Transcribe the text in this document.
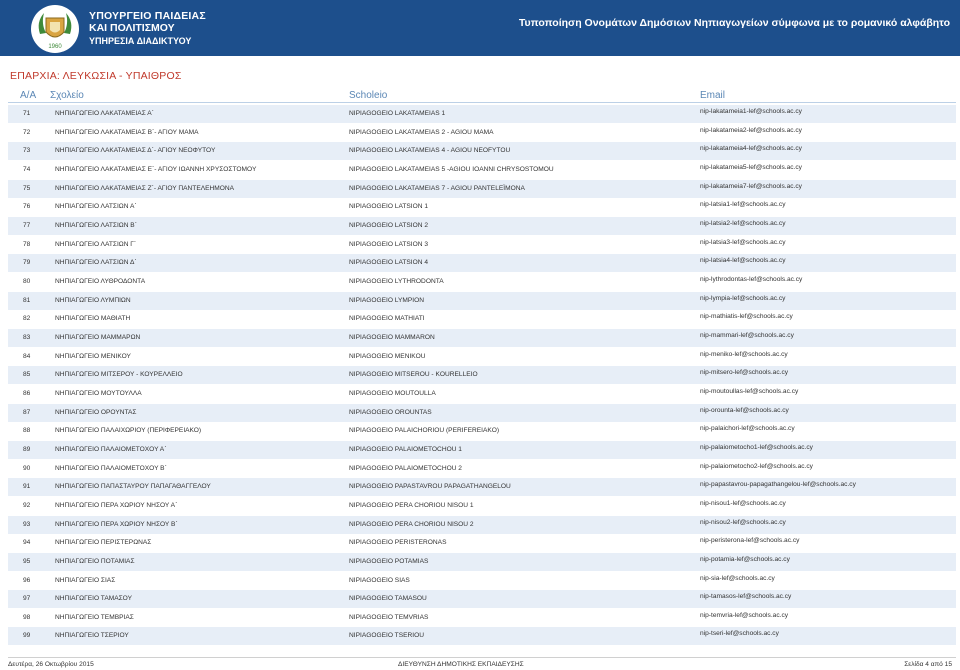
1960
ΥΠΟΥΡΓΕΙΟ ΠΑΙΔΕΙΑΣ
ΚΑΙ ΠΟΛΙΤΙΣΜΟΥ
ΥΠΗΡΕΣΙΑ ΔΙΑΔΙΚΤΥΟΥ
Τυποποίηση Ονομάτων Δημόσιων Νηπιαγωγείων σύμφωνα με το ρομανικό αλφάβητο
ΕΠΑΡΧΙΑ: ΛΕΥΚΩΣΙΑ - ΥΠΑΙΘΡΟΣ
Α/Α Σχολείο	Scholeio	Email
71	ΝΗΠΙΑΓΩΓΕΙΟ ΛΑΚΑΤΑΜΕΙΑΣ Α΄	NIPIAGOGEIO LAKATAMEIAS 1	nip-lakatameia1-lef@schools.ac.cy
72	ΝΗΠΙΑΓΩΓΕΙΟ ΛΑΚΑΤΑΜΕΙΑΣ Β΄- ΑΓΙΟΥ ΜΑΜΑ	NIPIAGOGEIO LAKATAMEIAS 2 - AGIOU MAMA	nip-lakatameia2-lef@schools.ac.cy
73	ΝΗΠΙΑΓΩΓΕΙΟ ΛΑΚΑΤΑΜΕΙΑΣ Δ΄- ΑΓΙΟΥ ΝΕΟΦΥΤΟΥ	NIPIAGOGEIO LAKATAMEIAS 4 - AGIOU NEOFYTOU	nip-lakatameia4-lef@schools.ac.cy
74	ΝΗΠΙΑΓΩΓΕΙΟ ΛΑΚΑΤΑΜΕΙΑΣ Ε΄- ΑΓΙΟΥ ΙΩΑΝΝΗ ΧΡΥΣΟΣΤΟΜΟΥ	NIPIAGOGEIO LAKATAMEIAS 5 -AGIOU IOANNI CHRYSOSTOMOU	nip-lakatameia5-lef@schools.ac.cy
75	ΝΗΠΙΑΓΩΓΕΙΟ ΛΑΚΑΤΑΜΕΙΑΣ Ζ΄- ΑΓΙΟΥ ΠΑΝΤΕΛΕΗΜΟΝΑ	NIPIAGOGEIO LAKATAMEIAS 7 - AGIOU PANTELEÏMONA	nip-lakatameia7-lef@schools.ac.cy
76	ΝΗΠΙΑΓΩΓΕΙΟ ΛΑΤΣΙΩΝ Α΄	NIPIAGOGEIO LATSION 1	nip-latsia1-lef@schools.ac.cy
77	ΝΗΠΙΑΓΩΓΕΙΟ ΛΑΤΣΙΩΝ Β΄	NIPIAGOGEIO LATSION 2	nip-latsia2-lef@schools.ac.cy
78	ΝΗΠΙΑΓΩΓΕΙΟ ΛΑΤΣΙΩΝ Γ΄	NIPIAGOGEIO LATSION 3	nip-latsia3-lef@schools.ac.cy
79	ΝΗΠΙΑΓΩΓΕΙΟ ΛΑΤΣΙΩΝ Δ΄	NIPIAGOGEIO LATSION 4	nip-latsia4-lef@schools.ac.cy
80	ΝΗΠΙΑΓΩΓΕΙΟ ΛΥΘΡΟΔΟΝΤΑ	NIPIAGOGEIO LYTHRODONTA	nip-lythrodontas-lef@schools.ac.cy
81	ΝΗΠΙΑΓΩΓΕΙΟ ΛΥΜΠΙΩΝ	NIPIAGOGEIO LYMPION	nip-lympia-lef@schools.ac.cy
82	ΝΗΠΙΑΓΩΓΕΙΟ ΜΑΘΙΑΤΗ	NIPIAGOGEIO MATHIATI	nip-mathiatis-lef@schools.ac.cy
83	ΝΗΠΙΑΓΩΓΕΙΟ ΜΑΜΜΑΡΩΝ	NIPIAGOGEIO MAMMARON	nip-mammari-lef@schools.ac.cy
84	ΝΗΠΙΑΓΩΓΕΙΟ ΜΕΝΙΚΟΥ	NIPIAGOGEIO MENIKOU	nip-meniko-lef@schools.ac.cy
85	ΝΗΠΙΑΓΩΓΕΙΟ ΜΙΤΣΕΡΟΥ - ΚΟΥΡΕΛΛΕΙΟ	NIPIAGOGEIO MITSEROU - KOURELLEIO	nip-mitsero-lef@schools.ac.cy
86	ΝΗΠΙΑΓΩΓΕΙΟ ΜΟΥΤΟΥΛΛΑ	NIPIAGOGEIO MOUTOULLA	nip-moutoullas-lef@schools.ac.cy
87	ΝΗΠΙΑΓΩΓΕΙΟ ΟΡΟΥΝΤΑΣ	NIPIAGOGEIO OROUNTAS	nip-orounta-lef@schools.ac.cy
88	ΝΗΠΙΑΓΩΓΕΙΟ ΠΑΛΑΙΧΩΡΙΟΥ (ΠΕΡΙΦΕΡΕΙΑΚΟ)	NIPIAGOGEIO PALAICHORIOU (PERIFEREIAKO)	nip-palaichori-lef@schools.ac.cy
89	ΝΗΠΙΑΓΩΓΕΙΟ ΠΑΛΑΙΟΜΕΤΟΧΟΥ Α΄	NIPIAGOGEIO PALAIOMETOCHOU 1	nip-palaiometocho1-lef@schools.ac.cy
90	ΝΗΠΙΑΓΩΓΕΙΟ ΠΑΛΑΙΟΜΕΤΟΧΟΥ Β΄	NIPIAGOGEIO PALAIOMETOCHOU 2	nip-palaiometocho2-lef@schools.ac.cy
91	ΝΗΠΙΑΓΩΓΕΙΟ ΠΑΠΑΣΤΑΥΡΟΥ ΠΑΠΑΓΑΘΑΓΓΕΛΟΥ	NIPIAGOGEIO PAPASTAVROU PAPAGATHANGELOU	nip-papastavrou-papagathangelou-lef@schools.ac.cy
92	ΝΗΠΙΑΓΩΓΕΙΟ ΠΕΡΑ ΧΩΡΙΟΥ ΝΗΣΟΥ Α΄	NIPIAGOGEIO PERA CHORIOU NISOU 1	nip-nisou1-lef@schools.ac.cy
93	ΝΗΠΙΑΓΩΓΕΙΟ ΠΕΡΑ ΧΩΡΙΟΥ ΝΗΣΟΥ Β΄	NIPIAGOGEIO PERA CHORIOU NISOU 2	nip-nisou2-lef@schools.ac.cy
94	ΝΗΠΙΑΓΩΓΕΙΟ ΠΕΡΙΣΤΕΡΩΝΑΣ	NIPIAGOGEIO PERISTERONAS	nip-peristerona-lef@schools.ac.cy
95	ΝΗΠΙΑΓΩΓΕΙΟ ΠΟΤΑΜΙΑΣ	NIPIAGOGEIO POTAMIAS	nip-potamia-lef@schools.ac.cy
96	ΝΗΠΙΑΓΩΓΕΙΟ ΣΙΑΣ	NIPIAGOGEIO SIAS	nip-sia-lef@schools.ac.cy
97	ΝΗΠΙΑΓΩΓΕΙΟ ΤΑΜΑΣΟΥ	NIPIAGOGEIO TAMASOU	nip-tamasos-lef@schools.ac.cy
98	ΝΗΠΙΑΓΩΓΕΙΟ ΤΕΜΒΡΙΑΣ	NIPIAGOGEIO TEMVRIAS	nip-temvria-lef@schools.ac.cy
99	ΝΗΠΙΑΓΩΓΕΙΟ ΤΣΕΡΙΟΥ	NIPIAGOGEIO TSERIOU	nip-tseri-lef@schools.ac.cy
Δευτέρα, 26 Οκτωβρίου 2015	ΔΙΕΥΘΥΝΣΗ ΔΗΜΟΤΙΚΗΣ ΕΚΠΑΙΔΕΥΣΗΣ	Σελίδα 4 από 15
